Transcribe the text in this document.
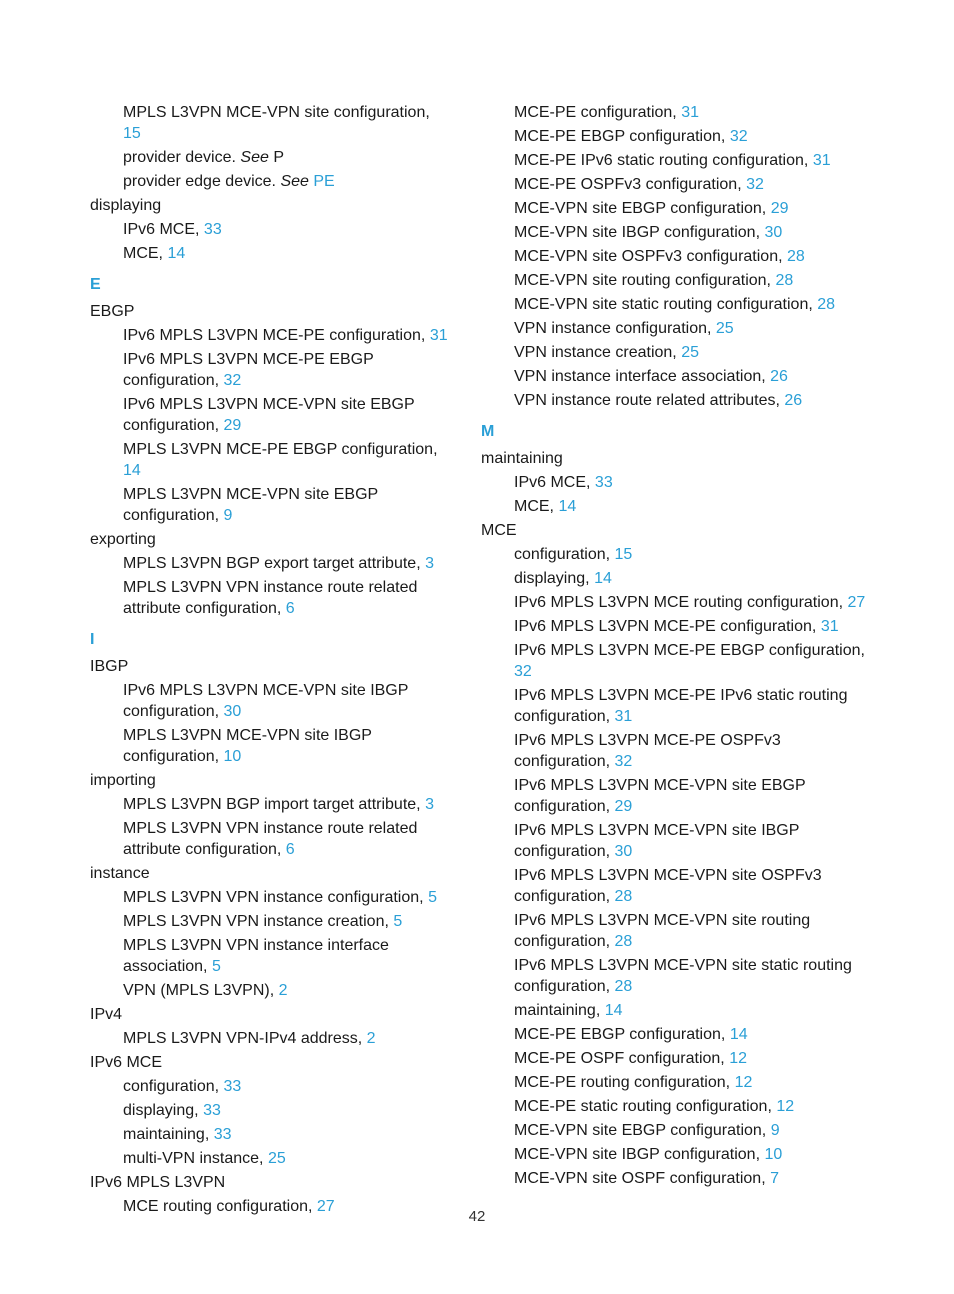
MPLS L3VPN MCE-VPN site configuration, 15
provider device. See P
provider edge device. See PE
displaying
IPv6 MCE, 33
MCE, 14
E
EBGP
IPv6 MPLS L3VPN MCE-PE configuration, 31
IPv6 MPLS L3VPN MCE-PE EBGP configuration, 32
IPv6 MPLS L3VPN MCE-VPN site EBGP configuration, 29
MPLS L3VPN MCE-PE EBGP configuration, 14
MPLS L3VPN MCE-VPN site EBGP configuration, 9
exporting
MPLS L3VPN BGP export target attribute, 3
MPLS L3VPN VPN instance route related attribute configuration, 6
I
IBGP
IPv6 MPLS L3VPN MCE-VPN site IBGP configuration, 30
MPLS L3VPN MCE-VPN site IBGP configuration, 10
importing
MPLS L3VPN BGP import target attribute, 3
MPLS L3VPN VPN instance route related attribute configuration, 6
instance
MPLS L3VPN VPN instance configuration, 5
MPLS L3VPN VPN instance creation, 5
MPLS L3VPN VPN instance interface association, 5
VPN (MPLS L3VPN), 2
IPv4
MPLS L3VPN VPN-IPv4 address, 2
IPv6 MCE
configuration, 33
displaying, 33
maintaining, 33
multi-VPN instance, 25
IPv6 MPLS L3VPN
MCE routing configuration, 27
MCE-PE configuration, 31
MCE-PE EBGP configuration, 32
MCE-PE IPv6 static routing configuration, 31
MCE-PE OSPFv3 configuration, 32
MCE-VPN site EBGP configuration, 29
MCE-VPN site IBGP configuration, 30
MCE-VPN site OSPFv3 configuration, 28
MCE-VPN site routing configuration, 28
MCE-VPN site static routing configuration, 28
VPN instance configuration, 25
VPN instance creation, 25
VPN instance interface association, 26
VPN instance route related attributes, 26
M
maintaining
IPv6 MCE, 33
MCE, 14
MCE
configuration, 15
displaying, 14
IPv6 MPLS L3VPN MCE routing configuration, 27
IPv6 MPLS L3VPN MCE-PE configuration, 31
IPv6 MPLS L3VPN MCE-PE EBGP configuration, 32
IPv6 MPLS L3VPN MCE-PE IPv6 static routing configuration, 31
IPv6 MPLS L3VPN MCE-PE OSPFv3 configuration, 32
IPv6 MPLS L3VPN MCE-VPN site EBGP configuration, 29
IPv6 MPLS L3VPN MCE-VPN site IBGP configuration, 30
IPv6 MPLS L3VPN MCE-VPN site OSPFv3 configuration, 28
IPv6 MPLS L3VPN MCE-VPN site routing configuration, 28
IPv6 MPLS L3VPN MCE-VPN site static routing configuration, 28
maintaining, 14
MCE-PE EBGP configuration, 14
MCE-PE OSPF configuration, 12
MCE-PE routing configuration, 12
MCE-PE static routing configuration, 12
MCE-VPN site EBGP configuration, 9
MCE-VPN site IBGP configuration, 10
MCE-VPN site OSPF configuration, 7
42
